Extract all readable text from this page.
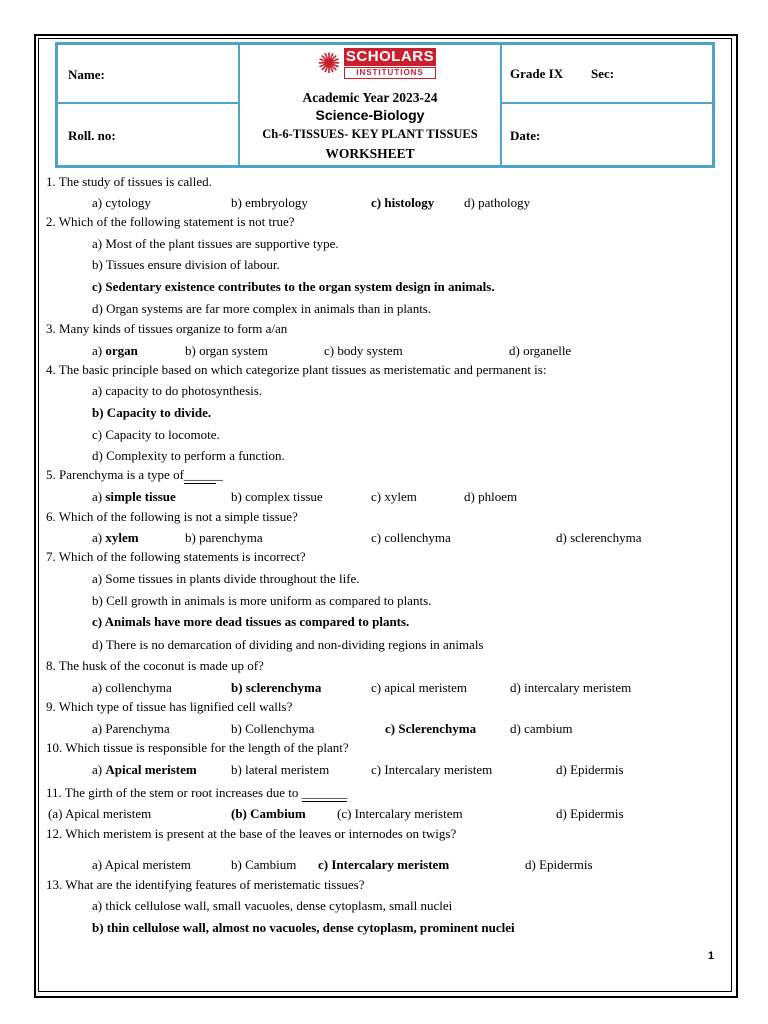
Name:
Roll. no:
Grade IX Sec:
Date:
✺ SCHOLARS
INSTITUTIONS
Academic Year 2023-24
Science-Biology
Ch-6-TISSUES- KEY PLANT TISSUES
WORKSHEET
1. The study of tissues is called.
a) cytology	b) embryology	c) histology d) pathology
2. Which of the following statement is not true?
a) Most of the plant tissues are supportive type.
b) Tissues ensure division of labour.
c) Sedentary existence contributes to the organ system design in animals.
d) Organ systems are far more complex in animals than in plants.
3. Many kinds of tissues organize to form a/an
a) organ	b) organ system	c) body system	d) organelle
4. The basic principle based on which categorize plant tissues as meristematic and permanent is:
a) capacity to do photosynthesis.
b) Capacity to divide.
c) Capacity to locomote.
d) Complexity to perform a function.
5. Parenchyma is a type of______
a) simple tissue	b) complex tissue	c) xylem	d) phloem
6. Which of the following is not a simple tissue?
a) xylem	b) parenchyma	c) collenchyma	d) sclerenchyma
7. Which of the following statements is incorrect?
a) Some tissues in plants divide throughout the life.
b) Cell growth in animals is more uniform as compared to plants.
c) Animals have more dead tissues as compared to plants.
d) There is no demarcation of dividing and non-dividing regions in animals
8. The husk of the coconut is made up of?
a) collenchyma	b) sclerenchyma	c) apical meristem	d) intercalary meristem
9. Which type of tissue has lignified cell walls?
a) Parenchyma	b) Collenchyma	c) Sclerenchyma	d) cambium
10. Which tissue is responsible for the length of the plant?
a) Apical meristem	b) lateral meristem	c) Intercalary meristem	d) Epidermis
11. The girth of the stem or root increases due to _______
(a) Apical meristem	(b) Cambium (c) Intercalary meristem	d) Epidermis
12. Which meristem is present at the base of the leaves or internodes on twigs?
a) Apical meristem	b) Cambium c) Intercalary meristem	d) Epidermis
13. What are the identifying features of meristematic tissues?
a) thick cellulose wall, small vacuoles, dense cytoplasm, small nuclei
b) thin cellulose wall, almost no vacuoles, dense cytoplasm, prominent nuclei
1
